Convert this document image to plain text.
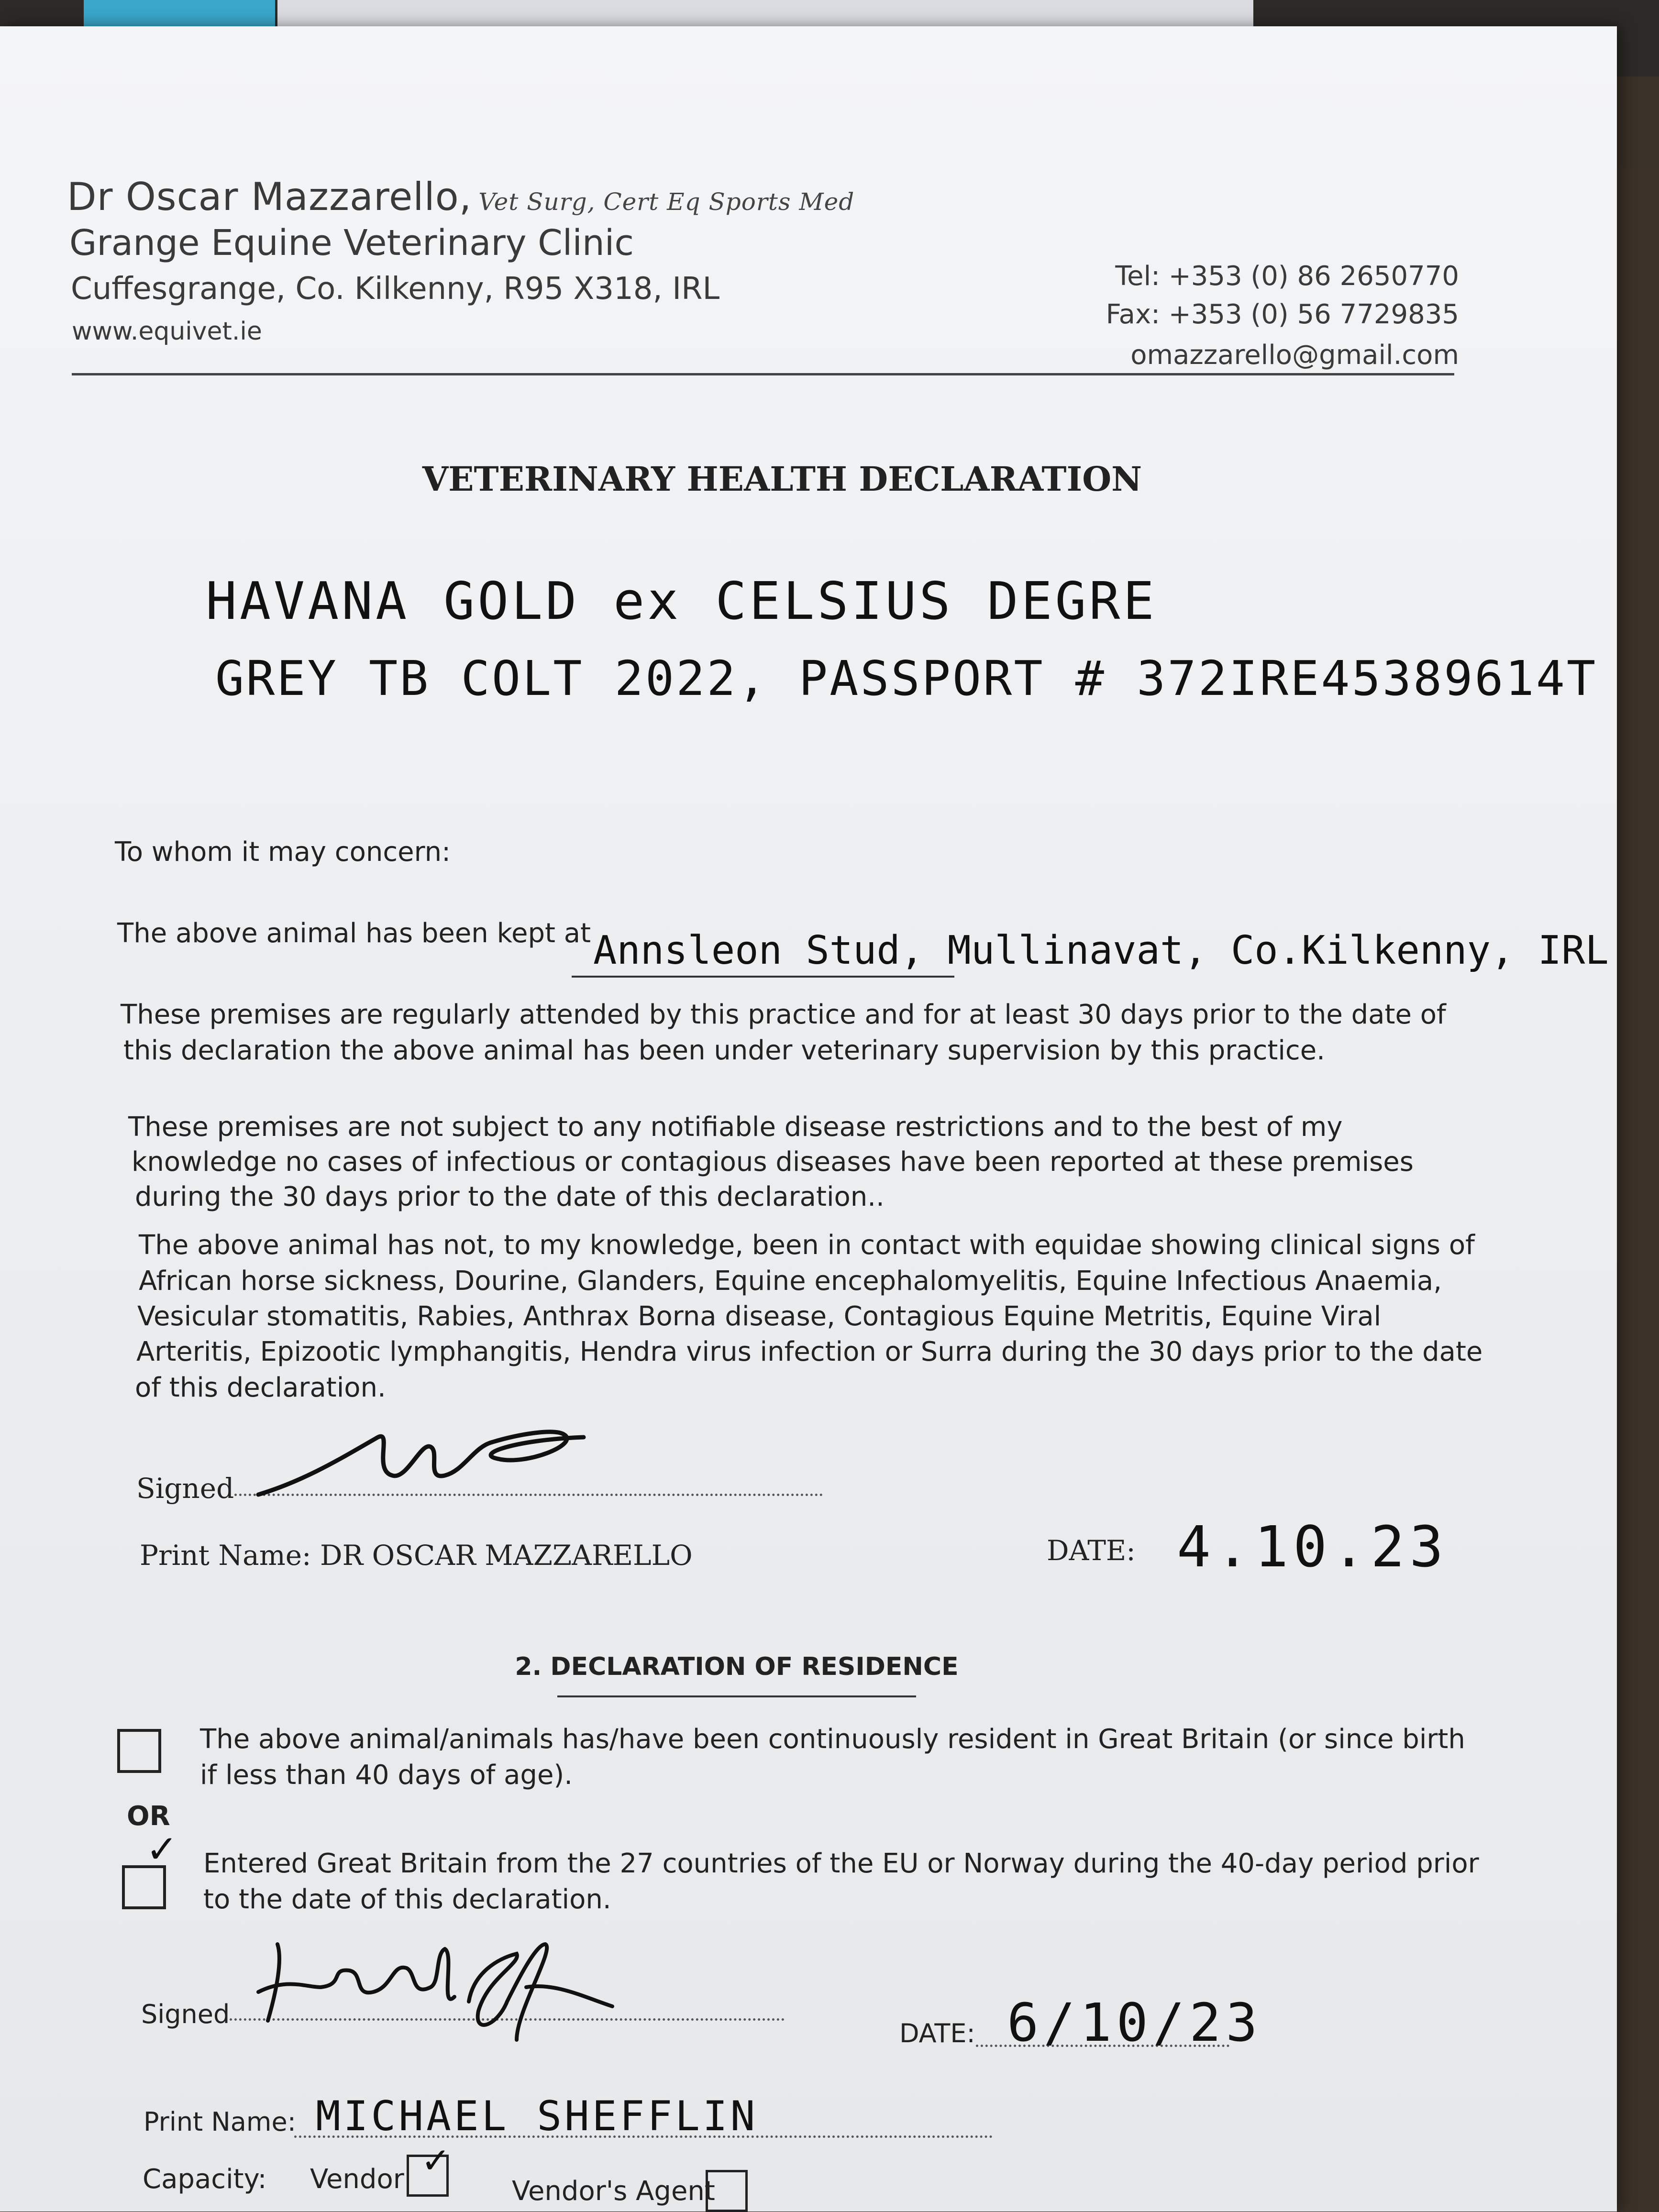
Dr Oscar Mazzarello, Vet Surg, Cert Eq Sports Med
Grange Equine Veterinary Clinic
Cuffesgrange, Co. Kilkenny, R95 X318, IRL
www.equivet.ie
Tel: +353 (0) 86 2650770
Fax: +353 (0) 56 7729835
omazzarello@gmail.com
VETERINARY HEALTH DECLARATION
HAVANA GOLD ex CELSIUS DEGRE
GREY TB COLT 2022, PASSPORT # 372IRE45389614T
To whom it may concern:
The above animal has been kept at Annsleon Stud, Mullinavat, Co.Kilkenny, IRL
These premises are regularly attended by this practice and for at least 30 days prior to the date of
this declaration the above animal has been under veterinary supervision by this practice.
These premises are not subject to any notifiable disease restrictions and to the best of my
knowledge no cases of infectious or contagious diseases have been reported at these premises
during the 30 days prior to the date of this declaration..
The above animal has not, to my knowledge, been in contact with equidae showing clinical signs of
African horse sickness, Dourine, Glanders, Equine encephalomyelitis, Equine Infectious Anaemia,
Vesicular stomatitis, Rabies, Anthrax Borna disease, Contagious Equine Metritis, Equine Viral
Arteritis, Epizootic lymphangitis, Hendra virus infection or Surra during the 30 days prior to the date
of this declaration.
Signed
Print Name: DR OSCAR MAZZARELLO	DATE: 4.10.23
2. DECLARATION OF RESIDENCE
The above animal/animals has/have been continuously resident in Great Britain (or since birth
if less than 40 days of age).
OR
✓ Entered Great Britain from the 27 countries of the EU or Norway during the 40-day period prior
to the date of this declaration.
Signed
DATE: 6/10/23
Print Name: MICHAEL SHEFFLIN
Capacity: Vendor ✓
Vendor's Agent
